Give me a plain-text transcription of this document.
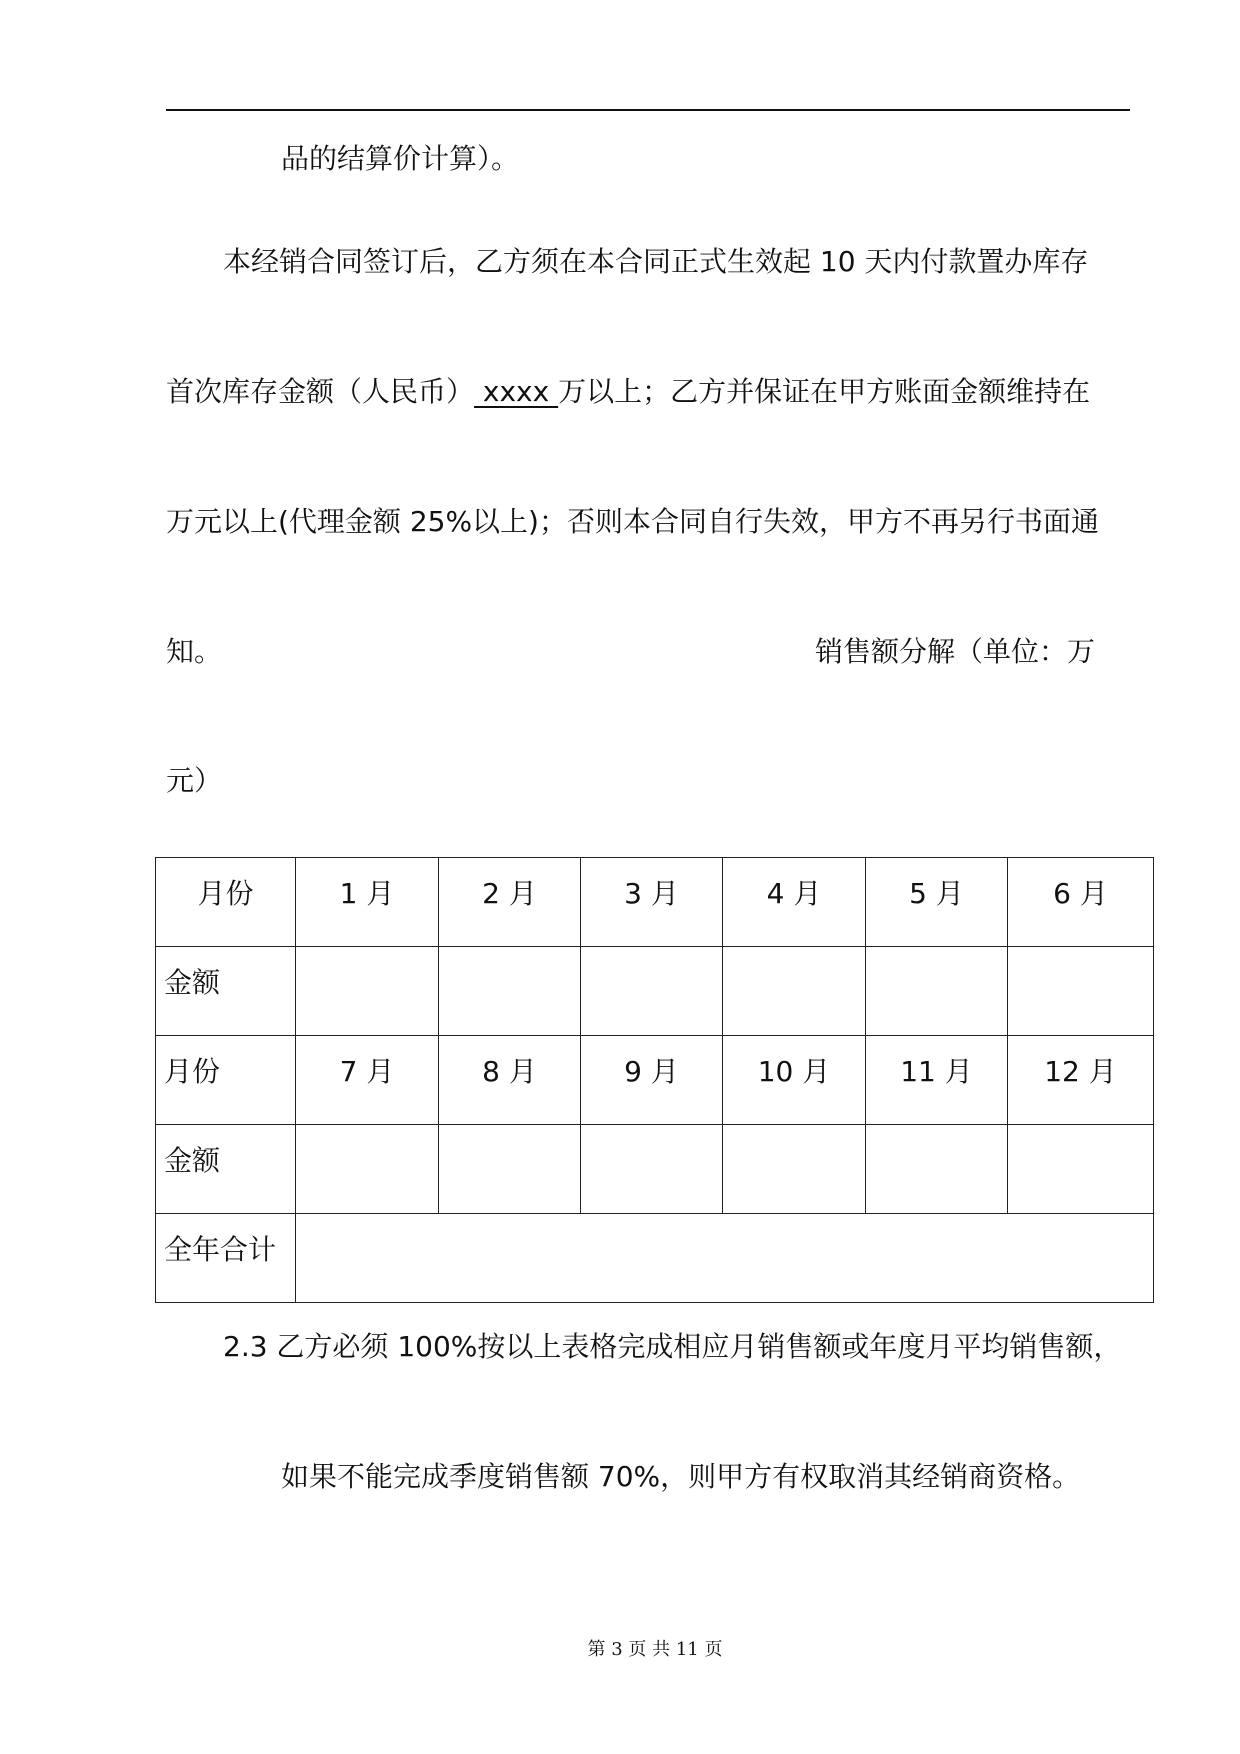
品的结算价计算）。
本经销合同签订后，乙方须在本合同正式生效起 10 天内付款置办库存
首次库存金额（人民币） xxxx 万以上；乙方并保证在甲方账面金额维持在
万元以上(代理金额 25%以上)；否则本合同自行失效，甲方不再另行书面通
知。	销售额分解（单位：万
元）
月份	1 月	2 月	3 月	4 月	5 月	6 月
金额						
月份	7 月	8 月	9 月	10 月	11 月	12 月
金额						
全年合计						
2.3 乙方必须 100%按以上表格完成相应月销售额或年度月平均销售额，
如果不能完成季度销售额 70%，则甲方有权取消其经销商资格。
第 3 页 共 11 页
